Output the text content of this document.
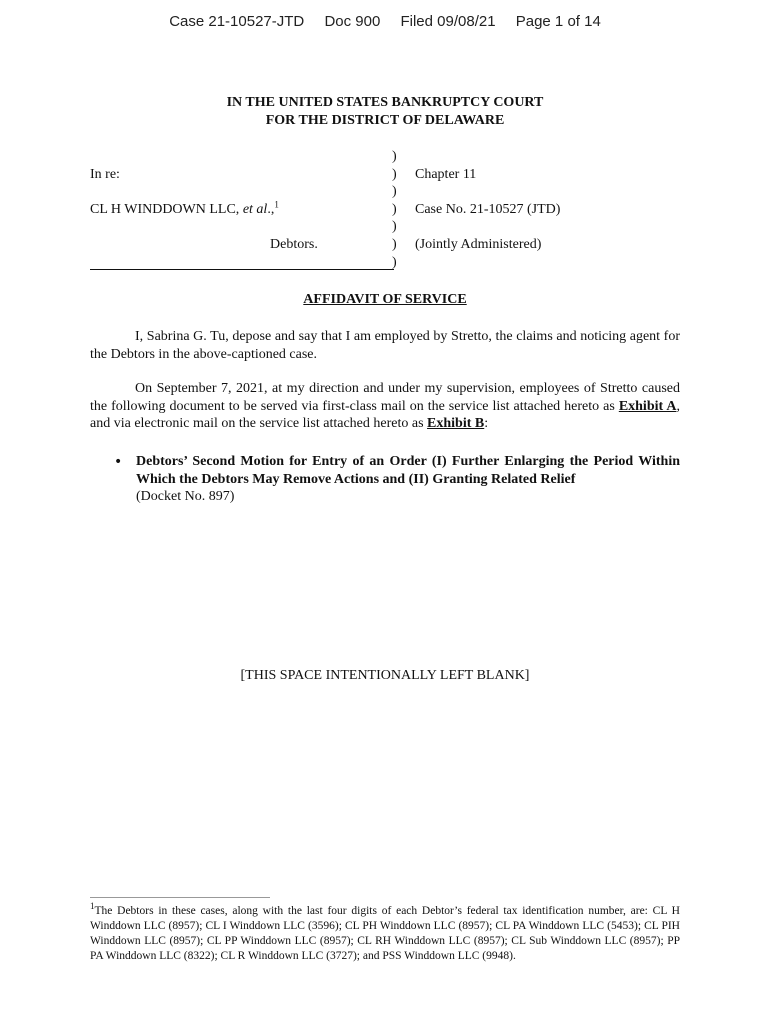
Case 21-10527-JTD Doc 900 Filed 09/08/21 Page 1 of 14
IN THE UNITED STATES BANKRUPTCY COURT
FOR THE DISTRICT OF DELAWARE
In re:
CL H WINDDOWN LLC, et al.,$^1$
Debtors.
)
)
)
)
)
)
)
Chapter 11
Case No. 21-10527 (JTD)
(Jointly Administered)
AFFIDAVIT OF SERVICE
I, Sabrina G. Tu, depose and say that I am employed by Stretto, the claims and noticing agent for the Debtors in the above-captioned case.
On September 7, 2021, at my direction and under my supervision, employees of Stretto caused the following document to be served via first-class mail on the service list attached hereto as Exhibit A, and via electronic mail on the service list attached hereto as Exhibit B:
• Debtors’ Second Motion for Entry of an Order (I) Further Enlarging the Period Within Which the Debtors May Remove Actions and (II) Granting Related Relief
(Docket No. 897)
[THIS SPACE INTENTIONALLY LEFT BLANK]
$^1$The Debtors in these cases, along with the last four digits of each Debtor’s federal tax identification number, are: CL H Winddown LLC (8957); CL I Winddown LLC (3596); CL PH Winddown LLC (8957); CL PA Winddown LLC (5453); CL PIH Winddown LLC (8957); CL PP Winddown LLC (8957); CL RH Winddown LLC (8957); CL Sub Winddown LLC (8957); PP PA Winddown LLC (8322); CL R Winddown LLC (3727); and PSS Winddown LLC (9948).
